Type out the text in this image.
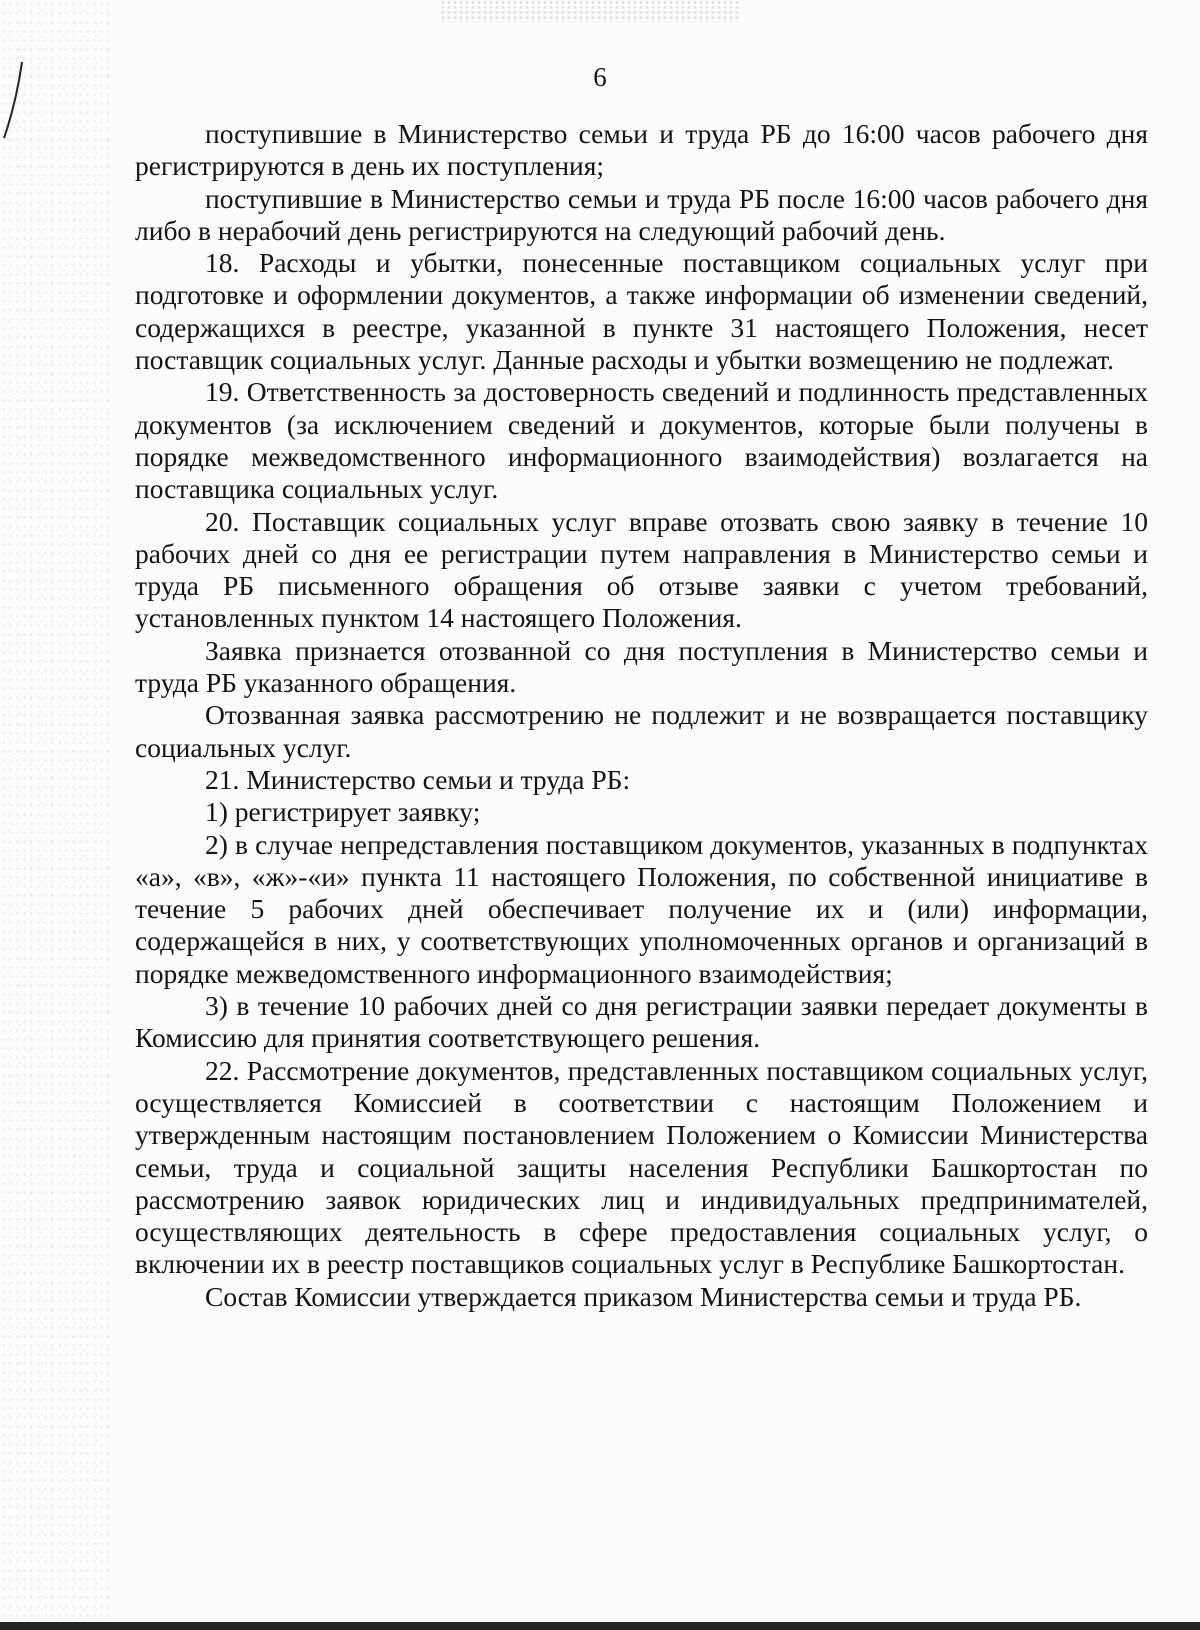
6

поступившие в Министерство семьи и труда РБ до 16:00 часов рабочего дня регистрируются в день их поступления;

поступившие в Министерство семьи и труда РБ после 16:00 часов рабочего дня либо в нерабочий день регистрируются на следующий рабочий день.

18. Расходы и убытки, понесенные поставщиком социальных услуг при подготовке и оформлении документов, а также информации об изменении сведений, содержащихся в реестре, указанной в пункте 31 настоящего Положения, несет поставщик социальных услуг. Данные расходы и убытки возмещению не подлежат.

19. Ответственность за достоверность сведений и подлинность представленных документов (за исключением сведений и документов, которые были получены в порядке межведомственного информационного взаимодействия) возлагается на поставщика социальных услуг.

20. Поставщик социальных услуг вправе отозвать свою заявку в течение 10 рабочих дней со дня ее регистрации путем направления в Министерство семьи и труда РБ письменного обращения об отзыве заявки с учетом требований, установленных пунктом 14 настоящего Положения.

Заявка признается отозванной со дня поступления в Министерство семьи и труда РБ указанного обращения.

Отозванная заявка рассмотрению не подлежит и не возвращается поставщику социальных услуг.

21. Министерство семьи и труда РБ:

1) регистрирует заявку;

2) в случае непредставления поставщиком документов, указанных в подпунктах «а», «в», «ж»-«и» пункта 11 настоящего Положения, по собственной инициативе в течение 5 рабочих дней обеспечивает получение их и (или) информации, содержащейся в них, у соответствующих уполномоченных органов и организаций в порядке межведомственного информационного взаимодействия;

3) в течение 10 рабочих дней со дня регистрации заявки передает документы в Комиссию для принятия соответствующего решения.

22. Рассмотрение документов, представленных поставщиком социальных услуг, осуществляется Комиссией в соответствии с настоящим Положением и утвержденным настоящим постановлением Положением о Комиссии Министерства семьи, труда и социальной защиты населения Республики Башкортостан по рассмотрению заявок юридических лиц и индивидуальных предпринимателей, осуществляющих деятельность в сфере предоставления социальных услуг, о включении их в реестр поставщиков социальных услуг в Республике Башкортостан.

Состав Комиссии утверждается приказом Министерства семьи и труда РБ.
